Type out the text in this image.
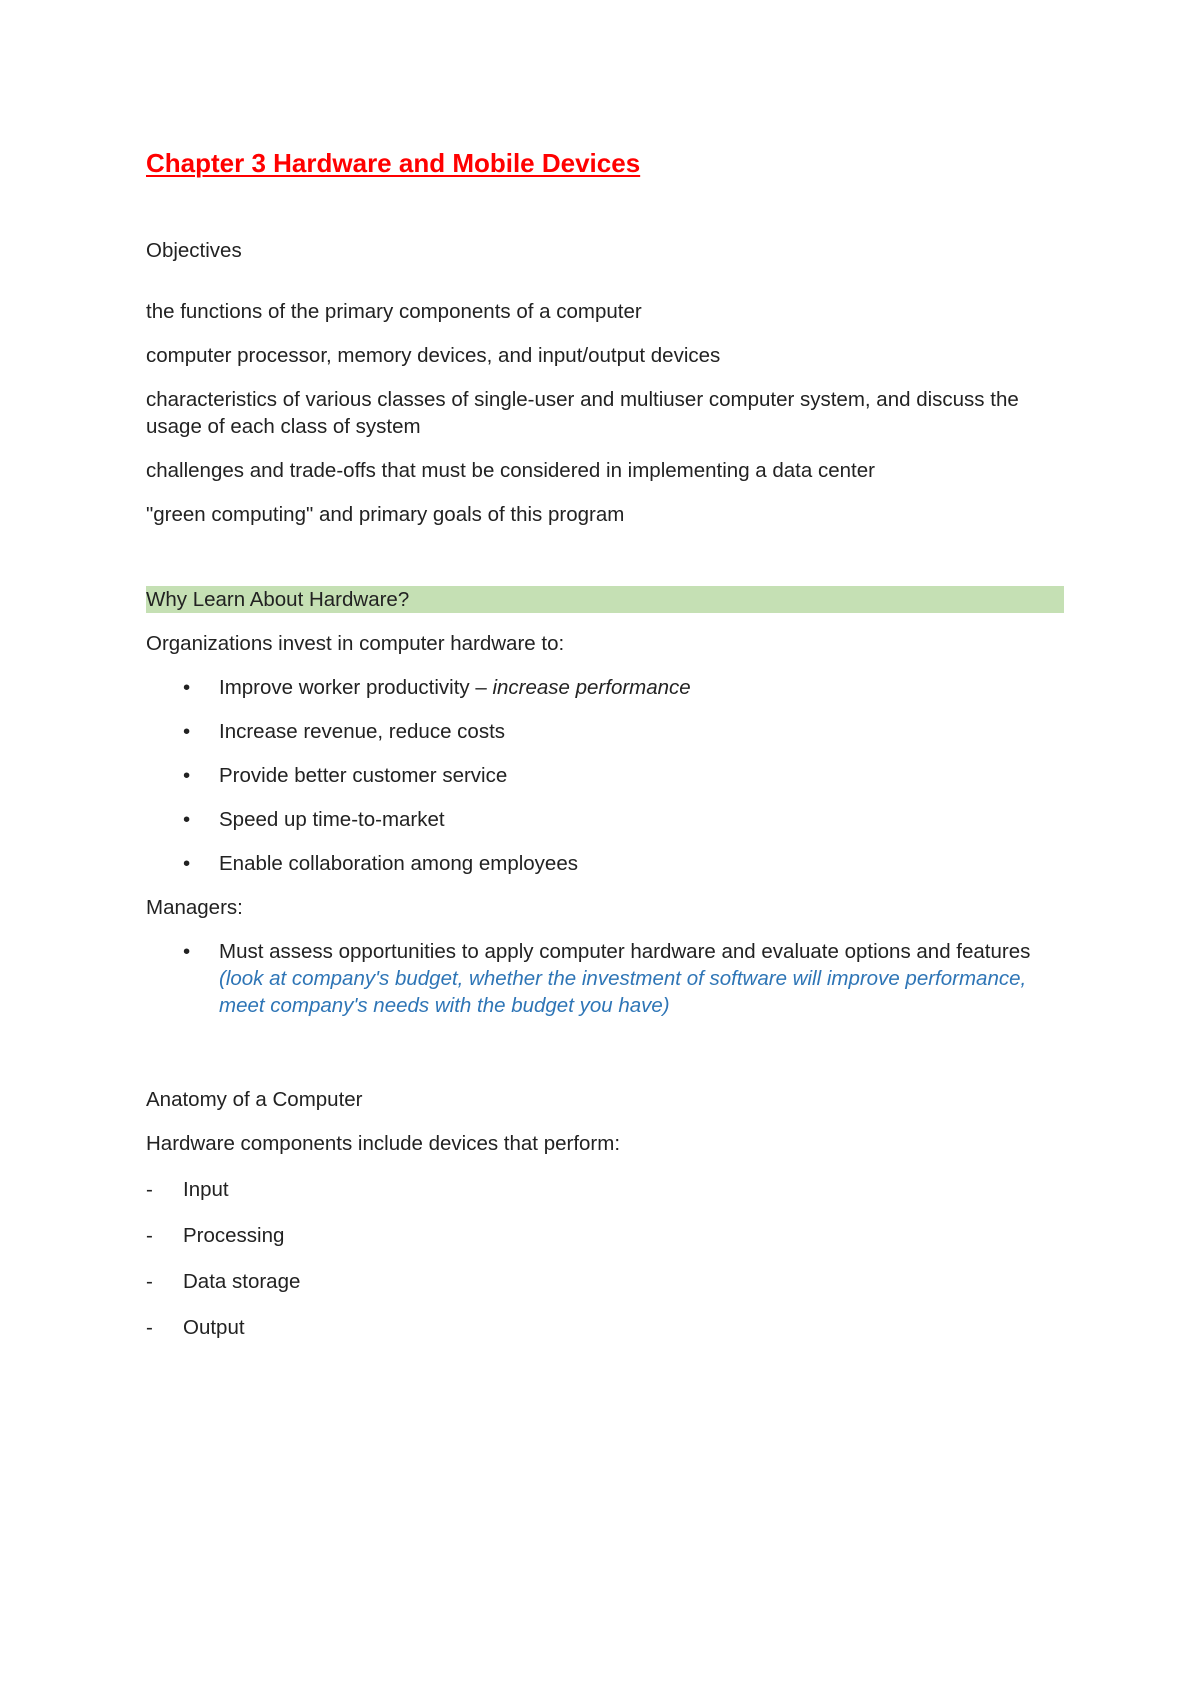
Chapter 3 Hardware and Mobile Devices

Objectives

the functions of the primary components of a computer

computer processor, memory devices, and input/output devices

characteristics of various classes of single-user and multiuser computer system, and discuss the usage of each class of system

challenges and trade-offs that must be considered in implementing a data center

"green computing" and primary goals of this program

Why Learn About Hardware?

Organizations invest in computer hardware to:

• Improve worker productivity – increase performance
• Increase revenue, reduce costs
• Provide better customer service
• Speed up time-to-market
• Enable collaboration among employees

Managers:

• Must assess opportunities to apply computer hardware and evaluate options and features (look at company's budget, whether the investment of software will improve performance, meet company's needs with the budget you have)

Anatomy of a Computer

Hardware components include devices that perform:

- Input
- Processing
- Data storage
- Output
